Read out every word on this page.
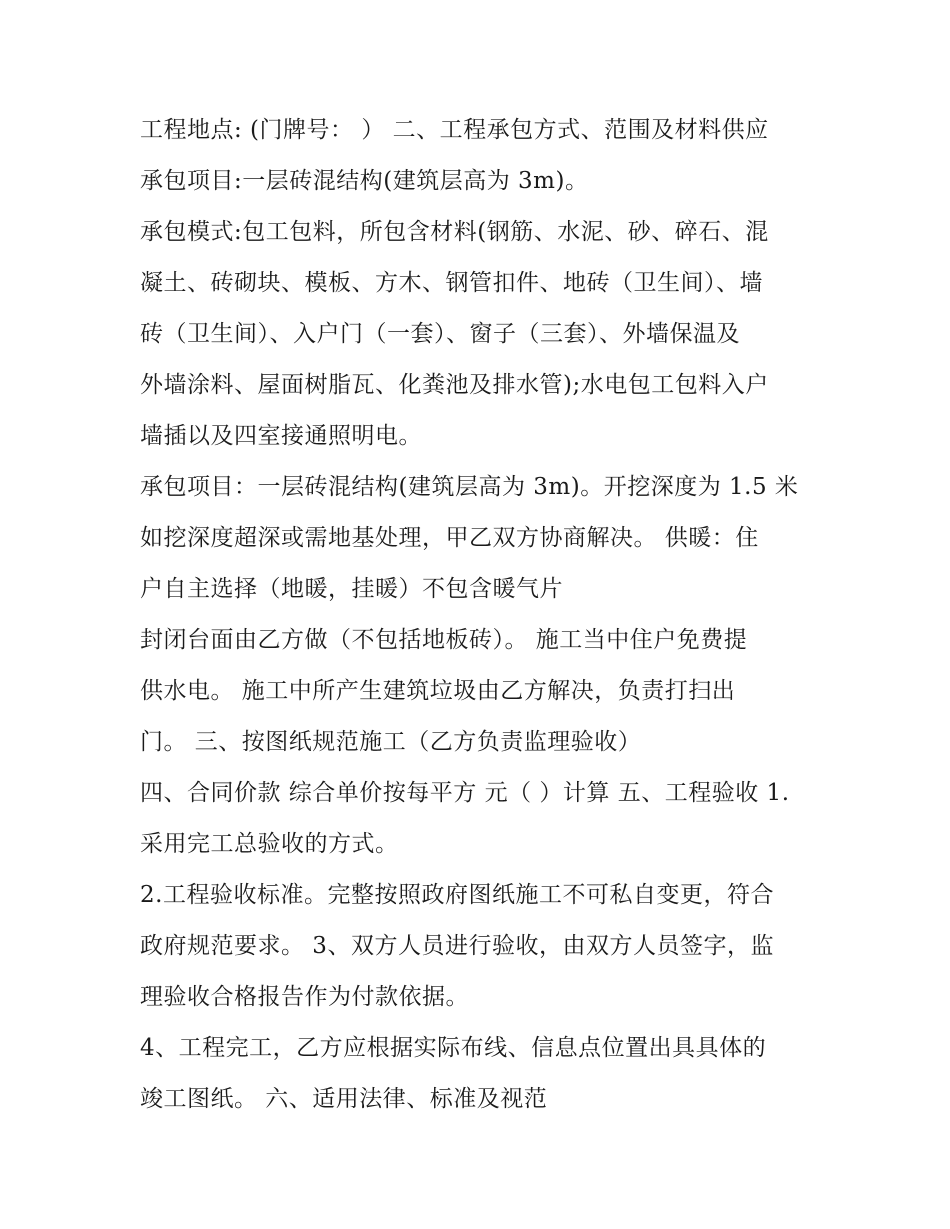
工程地点: (门牌号： ） 二、工程承包方式、范围及材料供应
承包项目:一层砖混结构(建筑层高为 3m)。
承包模式:包工包料，所包含材料(钢筋、水泥、砂、碎石、混
凝土、砖砌块、模板、方木、钢管扣件、地砖（卫生间）、墙
砖（卫生间）、入户门（一套）、窗子（三套）、外墙保温及
外墙涂料、屋面树脂瓦、化粪池及排水管);水电包工包料入户
墙插以及四室接通照明电。
承包项目：一层砖混结构(建筑层高为 3m)。开挖深度为 1.5 米
如挖深度超深或需地基处理，甲乙双方协商解决。 供暖：住
户自主选择（地暖，挂暖）不包含暖气片
封闭台面由乙方做（不包括地板砖）。 施工当中住户免费提
供水电。 施工中所产生建筑垃圾由乙方解决，负责打扫出
门。 三、按图纸规范施工（乙方负责监理验收）
四、合同价款 综合单价按每平方 元（ ）计算 五、工程验收 1.
采用完工总验收的方式。
2.工程验收标准。完整按照政府图纸施工不可私自变更，符合
政府规范要求。 3、双方人员进行验收，由双方人员签字，监
理验收合格报告作为付款依据。
4、工程完工，乙方应根据实际布线、信息点位置出具具体的
竣工图纸。 六、适用法律、标准及视范
